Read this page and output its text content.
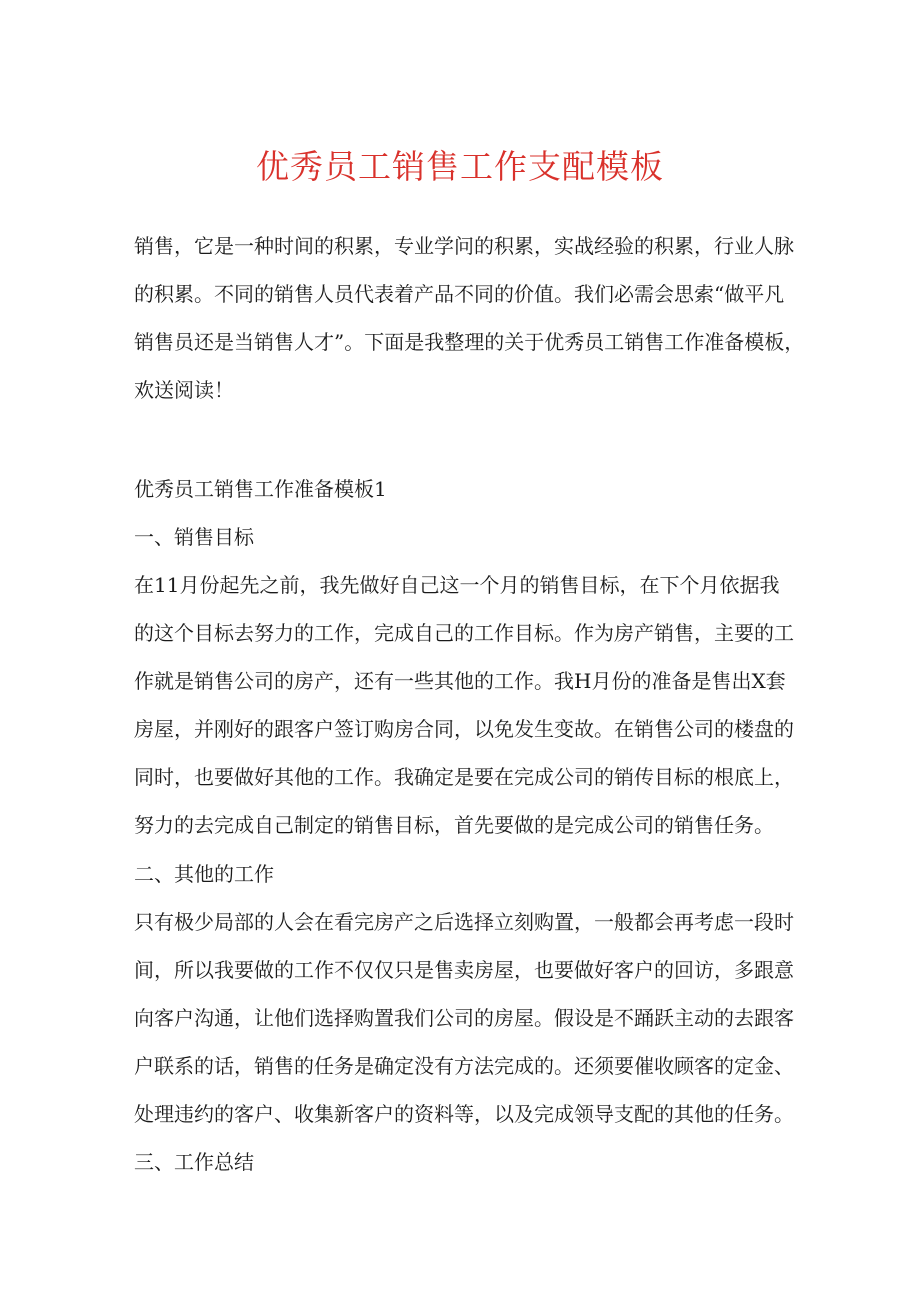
优秀员工销售工作支配模板
销售，它是一种时间的积累，专业学问的积累，实战经验的积累，行业人脉
的积累。不同的销售人员代表着产品不同的价值。我们必需会思索“做平凡
销售员还是当销售人才”。下面是我整理的关于优秀员工销售工作准备模板，
欢送阅读！
优秀员工销售工作准备模板1
一、销售目标
在11月份起先之前，我先做好自己这一个月的销售目标，在下个月依据我
的这个目标去努力的工作，完成自己的工作目标。作为房产销售，主要的工
作就是销售公司的房产，还有一些其他的工作。我H月份的准备是售出X套
房屋，并刚好的跟客户签订购房合同，以免发生变故。在销售公司的楼盘的
同时，也要做好其他的工作。我确定是要在完成公司的销传目标的根底上，
努力的去完成自己制定的销售目标，首先要做的是完成公司的销售任务。
二、其他的工作
只有极少局部的人会在看完房产之后选择立刻购置，一般都会再考虑一段时
间，所以我要做的工作不仅仅只是售卖房屋，也要做好客户的回访，多跟意
向客户沟通，让他们选择购置我们公司的房屋。假设是不踊跃主动的去跟客
户联系的话，销售的任务是确定没有方法完成的。还须要催收顾客的定金、
处理违约的客户、收集新客户的资料等，以及完成领导支配的其他的任务。
三、工作总结
